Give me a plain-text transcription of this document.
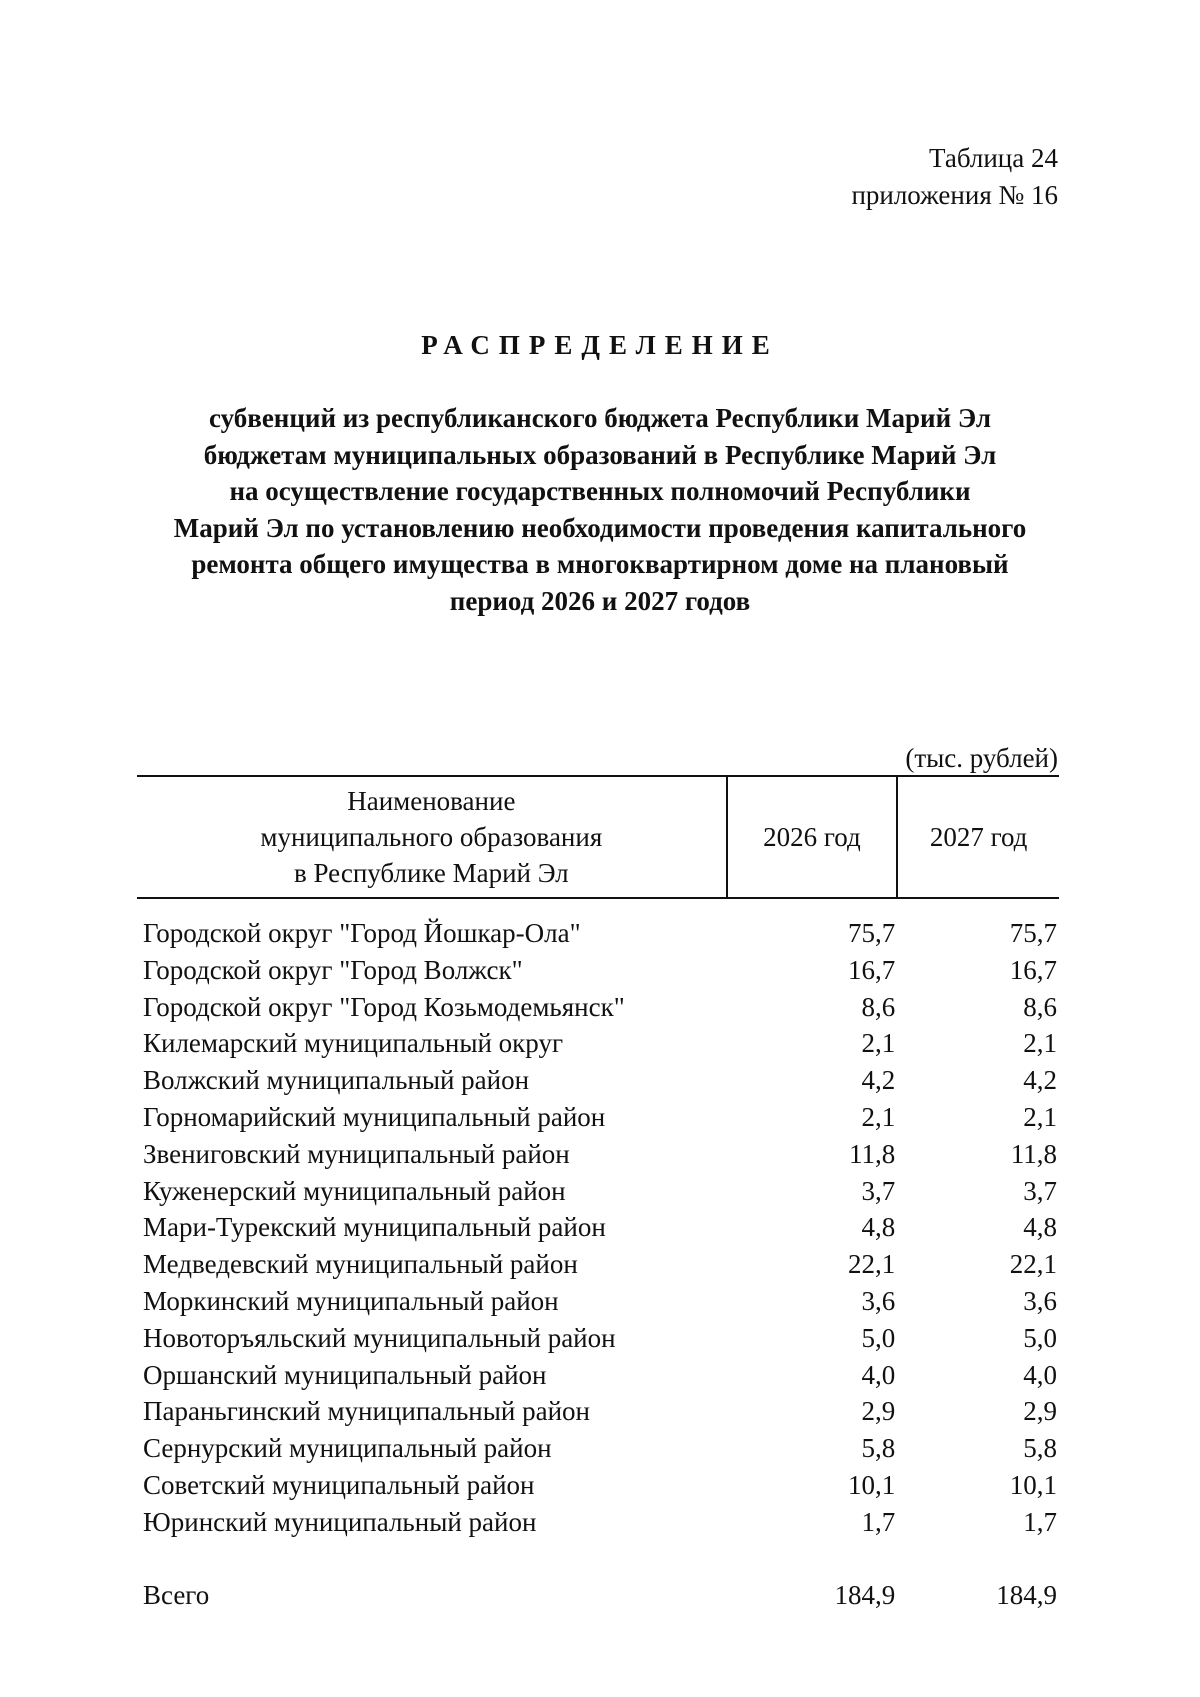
Таблица 24
приложения № 16
РАСПРЕДЕЛЕНИЕ
субвенций из республиканского бюджета Республики Марий Эл
бюджетам муниципальных образований в Республике Марий Эл
на осуществление государственных полномочий Республики
Марий Эл по установлению необходимости проведения капитального
ремонта общего имущества в многоквартирном доме на плановый
период 2026 и 2027 годов
(тыс. рублей)
Наименование
муниципального образования
в Республике Марий Эл	2026 год	2027 год

Городской округ "Город Йошкар-Ола"	75,7	75,7
Городской округ "Город Волжск"	16,7	16,7
Городской округ "Город Козьмодемьянск"	8,6	8,6
Килемарский муниципальный округ	2,1	2,1
Волжский муниципальный район	4,2	4,2
Горномарийский муниципальный район	2,1	2,1
Звениговский муниципальный район	11,8	11,8
Куженерский муниципальный район	3,7	3,7
Мари-Турекский муниципальный район	4,8	4,8
Медведевский муниципальный район	22,1	22,1
Моркинский муниципальный район	3,6	3,6
Новоторъяльский муниципальный район	5,0	5,0
Оршанский муниципальный район	4,0	4,0
Параньгинский муниципальный район	2,9	2,9
Сернурский муниципальный район	5,8	5,8
Советский муниципальный район	10,1	10,1
Юринский муниципальный район	1,7	1,7

Всего	184,9	184,9
